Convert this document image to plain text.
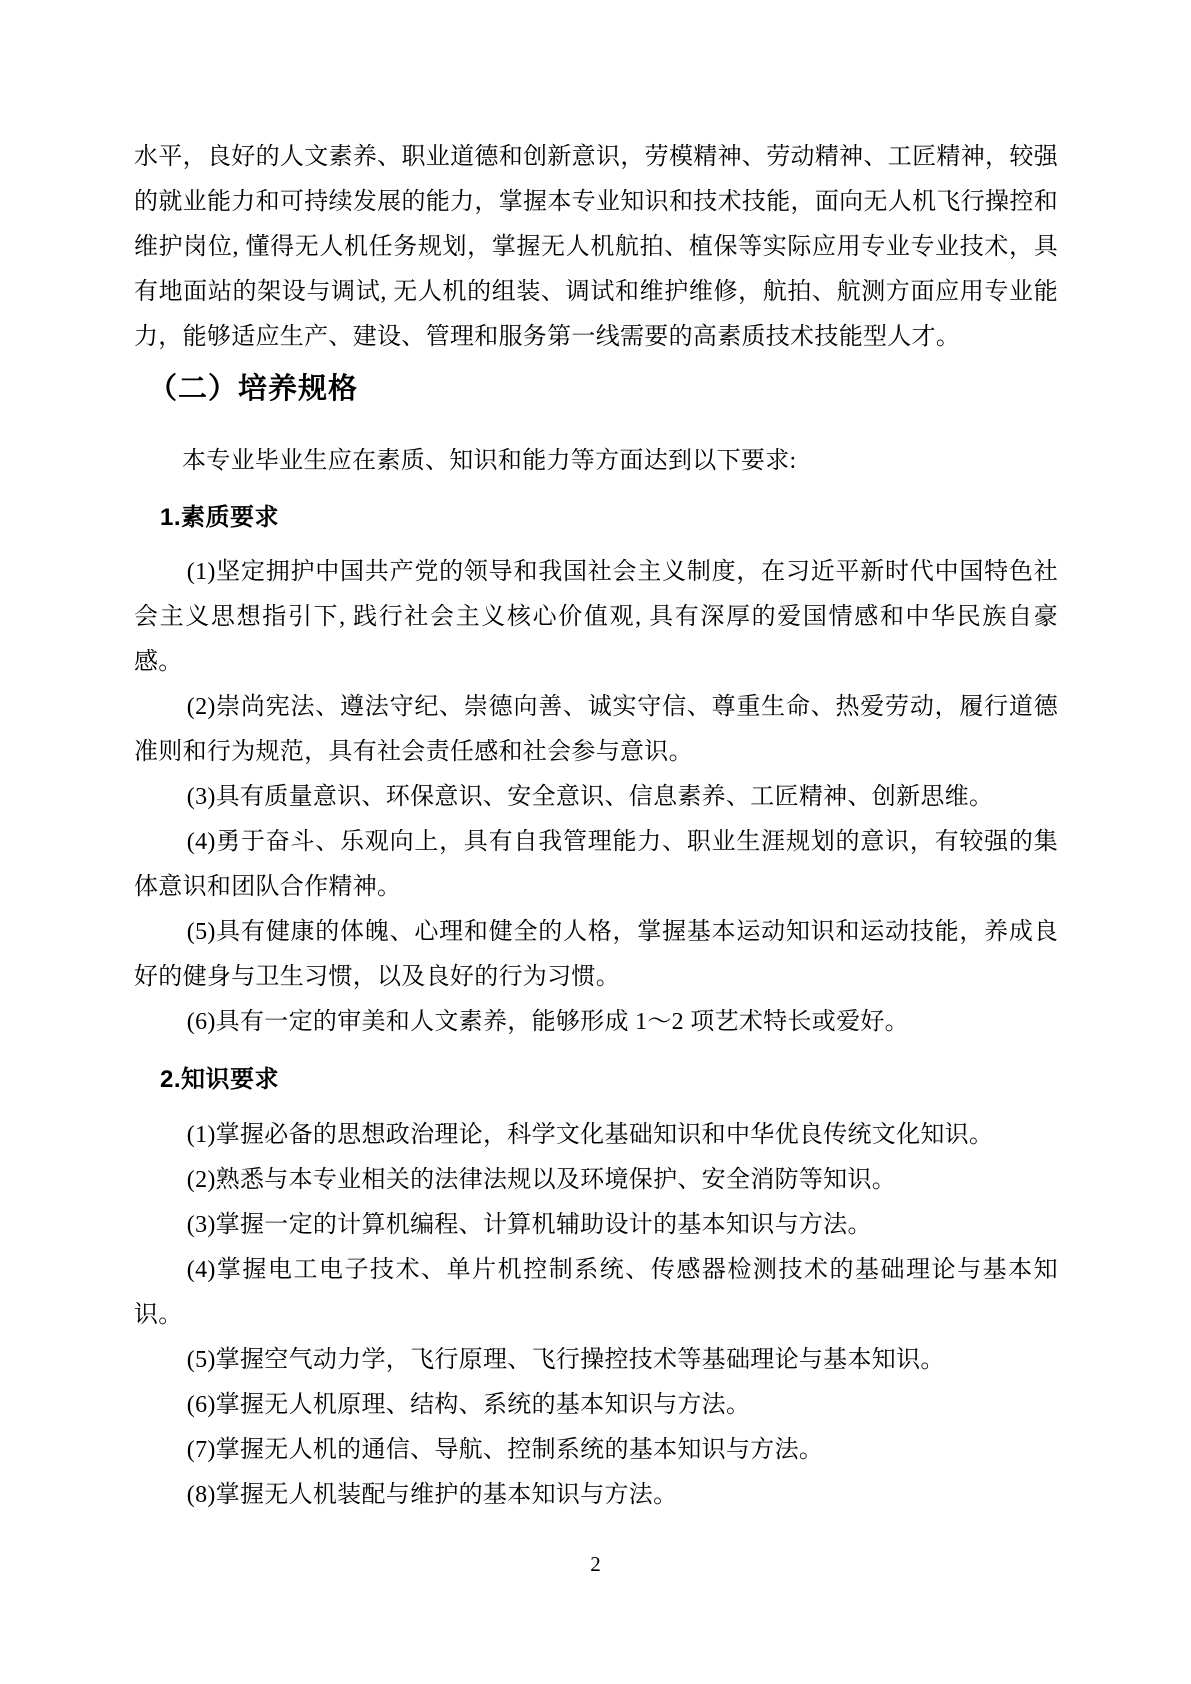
水平，良好的人文素养、职业道德和创新意识，劳模精神、劳动精神、工匠精神，较强的就业能力和可持续发展的能力，掌握本专业知识和技术技能，面向无人机飞行操控和维护岗位, 懂得无人机任务规划，掌握无人机航拍、植保等实际应用专业专业技术，具有地面站的架设与调试, 无人机的组装、调试和维护维修，航拍、航测方面应用专业能力，能够适应生产、建设、管理和服务第一线需要的高素质技术技能型人才。

（二）培养规格

本专业毕业生应在素质、知识和能力等方面达到以下要求:

1.素质要求

(1)坚定拥护中国共产党的领导和我国社会主义制度，在习近平新时代中国特色社会主义思想指引下, 践行社会主义核心价值观, 具有深厚的爱国情感和中华民族自豪感。

(2)崇尚宪法、遵法守纪、崇德向善、诚实守信、尊重生命、热爱劳动，履行道德准则和行为规范，具有社会责任感和社会参与意识。

(3)具有质量意识、环保意识、安全意识、信息素养、工匠精神、创新思维。

(4)勇于奋斗、乐观向上，具有自我管理能力、职业生涯规划的意识，有较强的集体意识和团队合作精神。

(5)具有健康的体魄、心理和健全的人格，掌握基本运动知识和运动技能，养成良好的健身与卫生习惯，以及良好的行为习惯。

(6)具有一定的审美和人文素养，能够形成 1～2 项艺术特长或爱好。

2.知识要求

(1)掌握必备的思想政治理论，科学文化基础知识和中华优良传统文化知识。

(2)熟悉与本专业相关的法律法规以及环境保护、安全消防等知识。

(3)掌握一定的计算机编程、计算机辅助设计的基本知识与方法。

(4)掌握电工电子技术、单片机控制系统、传感器检测技术的基础理论与基本知识。

(5)掌握空气动力学，飞行原理、飞行操控技术等基础理论与基本知识。

(6)掌握无人机原理、结构、系统的基本知识与方法。

(7)掌握无人机的通信、导航、控制系统的基本知识与方法。

(8)掌握无人机装配与维护的基本知识与方法。

2
